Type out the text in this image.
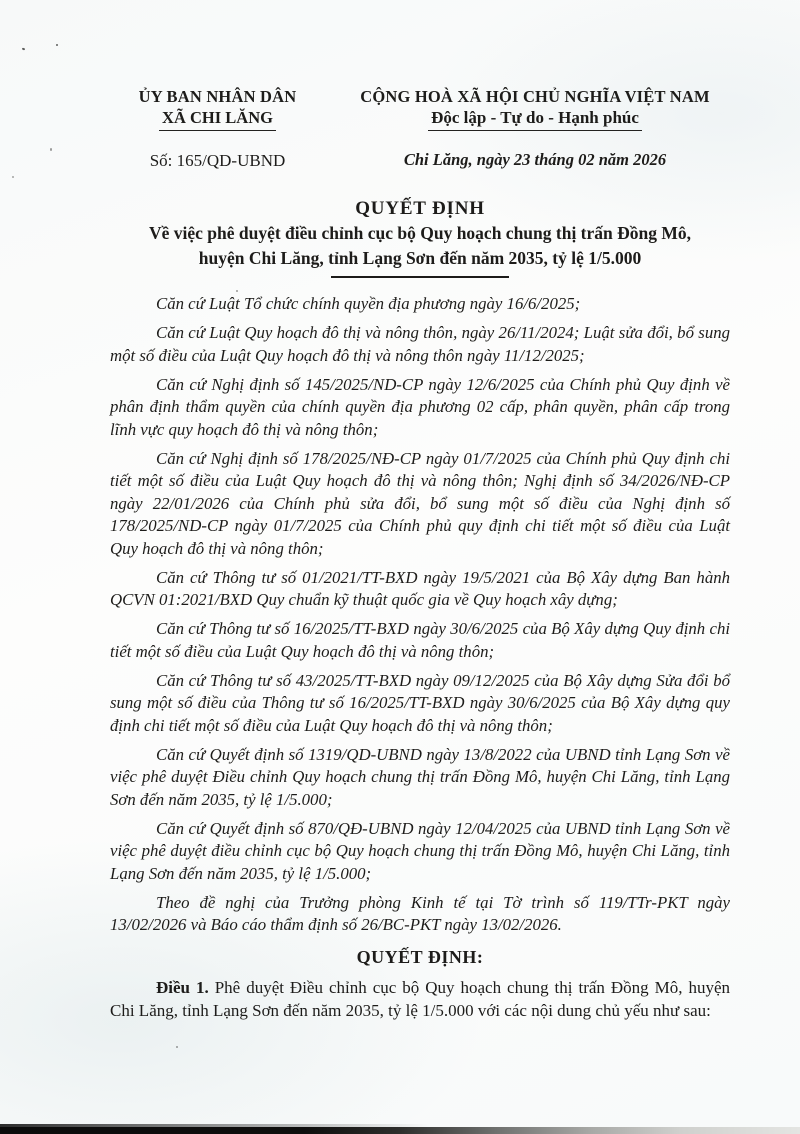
ỦY BAN NHÂN DÂN
XÃ CHI LĂNG
Số: 165/QD-UBND
CỘNG HOÀ XÃ HỘI CHỦ NGHĨA VIỆT NAM
Độc lập - Tự do - Hạnh phúc
Chi Lăng, ngày 23 tháng 02 năm 2026
QUYẾT ĐỊNH
Về việc phê duyệt điều chỉnh cục bộ Quy hoạch chung thị trấn Đồng Mô,
huyện Chi Lăng, tỉnh Lạng Sơn đến năm 2035, tỷ lệ 1/5.000

Căn cứ Luật Tổ chức chính quyền địa phương ngày 16/6/2025;

Căn cứ Luật Quy hoạch đô thị và nông thôn, ngày 26/11/2024; Luật sửa đổi, bổ sung một số điều của Luật Quy hoạch đô thị và nông thôn ngày 11/12/2025;

Căn cứ Nghị định số 145/2025/ND-CP ngày 12/6/2025 của Chính phủ Quy định về phân định thẩm quyền của chính quyền địa phương 02 cấp, phân quyền, phân cấp trong lĩnh vực quy hoạch đô thị và nông thôn;

Căn cứ Nghị định số 178/2025/NĐ-CP ngày 01/7/2025 của Chính phủ Quy định chi tiết một số điều của Luật Quy hoạch đô thị và nông thôn; Nghị định số 34/2026/NĐ-CP ngày 22/01/2026 của Chính phủ sửa đổi, bổ sung một số điều của Nghị định số 178/2025/ND-CP ngày 01/7/2025 của Chính phủ quy định chi tiết một số điều của Luật Quy hoạch đô thị và nông thôn;

Căn cứ Thông tư số 01/2021/TT-BXD ngày 19/5/2021 của Bộ Xây dựng Ban hành QCVN 01:2021/BXD Quy chuẩn kỹ thuật quốc gia về Quy hoạch xây dựng;

Căn cứ Thông tư số 16/2025/TT-BXD ngày 30/6/2025 của Bộ Xây dựng Quy định chi tiết một số điều của Luật Quy hoạch đô thị và nông thôn;

Căn cứ Thông tư số 43/2025/TT-BXD ngày 09/12/2025 của Bộ Xây dựng Sửa đổi bổ sung một số điều của Thông tư số 16/2025/TT-BXD ngày 30/6/2025 của Bộ Xây dựng quy định chi tiết một số điều của Luật Quy hoạch đô thị và nông thôn;

Căn cứ Quyết định số 1319/QD-UBND ngày 13/8/2022 của UBND tỉnh Lạng Sơn về việc phê duyệt Điều chỉnh Quy hoạch chung thị trấn Đồng Mô, huyện Chi Lăng, tỉnh Lạng Sơn đến năm 2035, tỷ lệ 1/5.000;

Căn cứ Quyết định số 870/QĐ-UBND ngày 12/04/2025 của UBND tỉnh Lạng Sơn về việc phê duyệt điều chỉnh cục bộ Quy hoạch chung thị trấn Đồng Mô, huyện Chi Lăng, tỉnh Lạng Sơn đến năm 2035, tỷ lệ 1/5.000;

Theo đề nghị của Trưởng phòng Kinh tế tại Tờ trình số 119/TTr-PKT ngày 13/02/2026 và Báo cáo thẩm định số 26/BC-PKT ngày 13/02/2026.

QUYẾT ĐỊNH:

Điều 1. Phê duyệt Điều chỉnh cục bộ Quy hoạch chung thị trấn Đồng Mô, huyện Chi Lăng, tỉnh Lạng Sơn đến năm 2035, tỷ lệ 1/5.000 với các nội dung chủ yếu như sau:
